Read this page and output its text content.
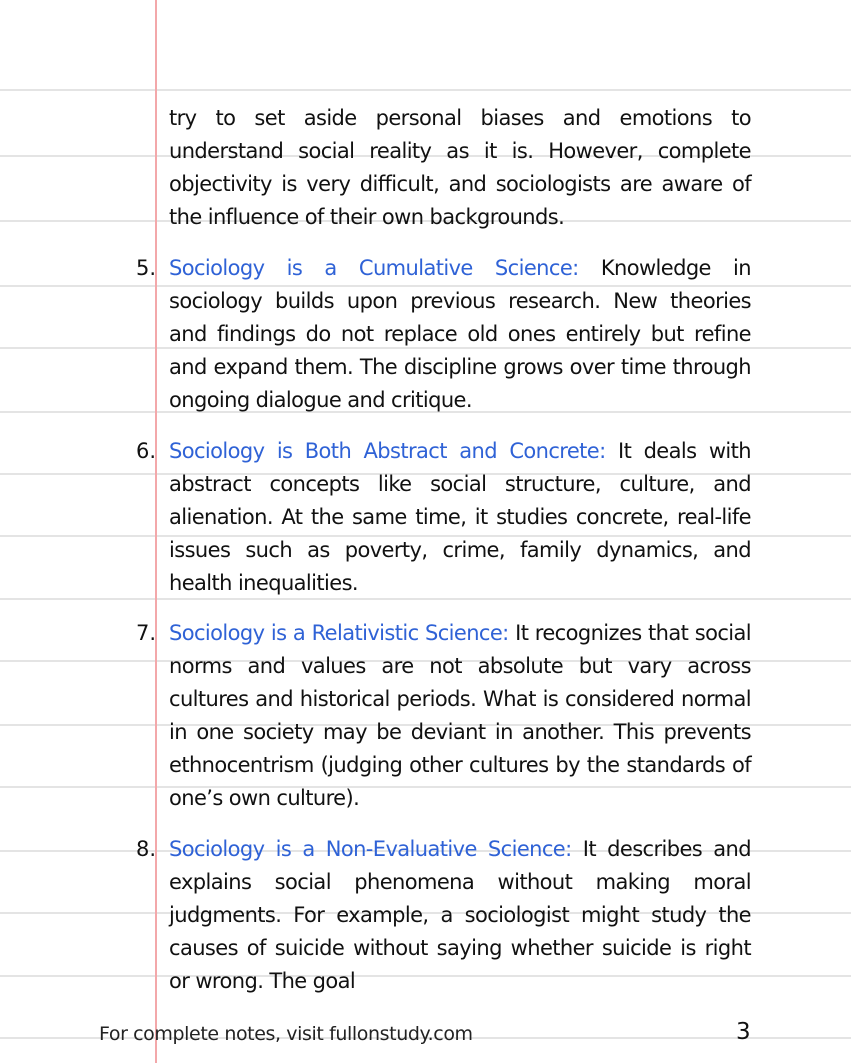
try to set aside personal biases and emotions to understand social reality as it is. However, complete objectivity is very difficult, and sociologists are aware of the influence of their own backgrounds.

5. Sociology is a Cumulative Science: Knowledge in sociology builds upon previous research. New theories and findings do not replace old ones entirely but refine and expand them. The discipline grows over time through ongoing dialogue and critique.

6. Sociology is Both Abstract and Concrete: It deals with abstract concepts like social structure, culture, and alienation. At the same time, it studies concrete, real-life issues such as poverty, crime, family dynamics, and health inequalities.

7. Sociology is a Relativistic Science: It recognizes that social norms and values are not absolute but vary across cultures and historical periods. What is considered normal in one society may be deviant in another. This prevents ethnocentrism (judging other cultures by the standards of one’s own culture).

8. Sociology is a Non-Evaluative Science: It describes and explains social phenomena without making moral judgments. For example, a sociologist might study the causes of suicide without saying whether suicide is right or wrong. The goal

For complete notes, visit fullonstudy.com	3
